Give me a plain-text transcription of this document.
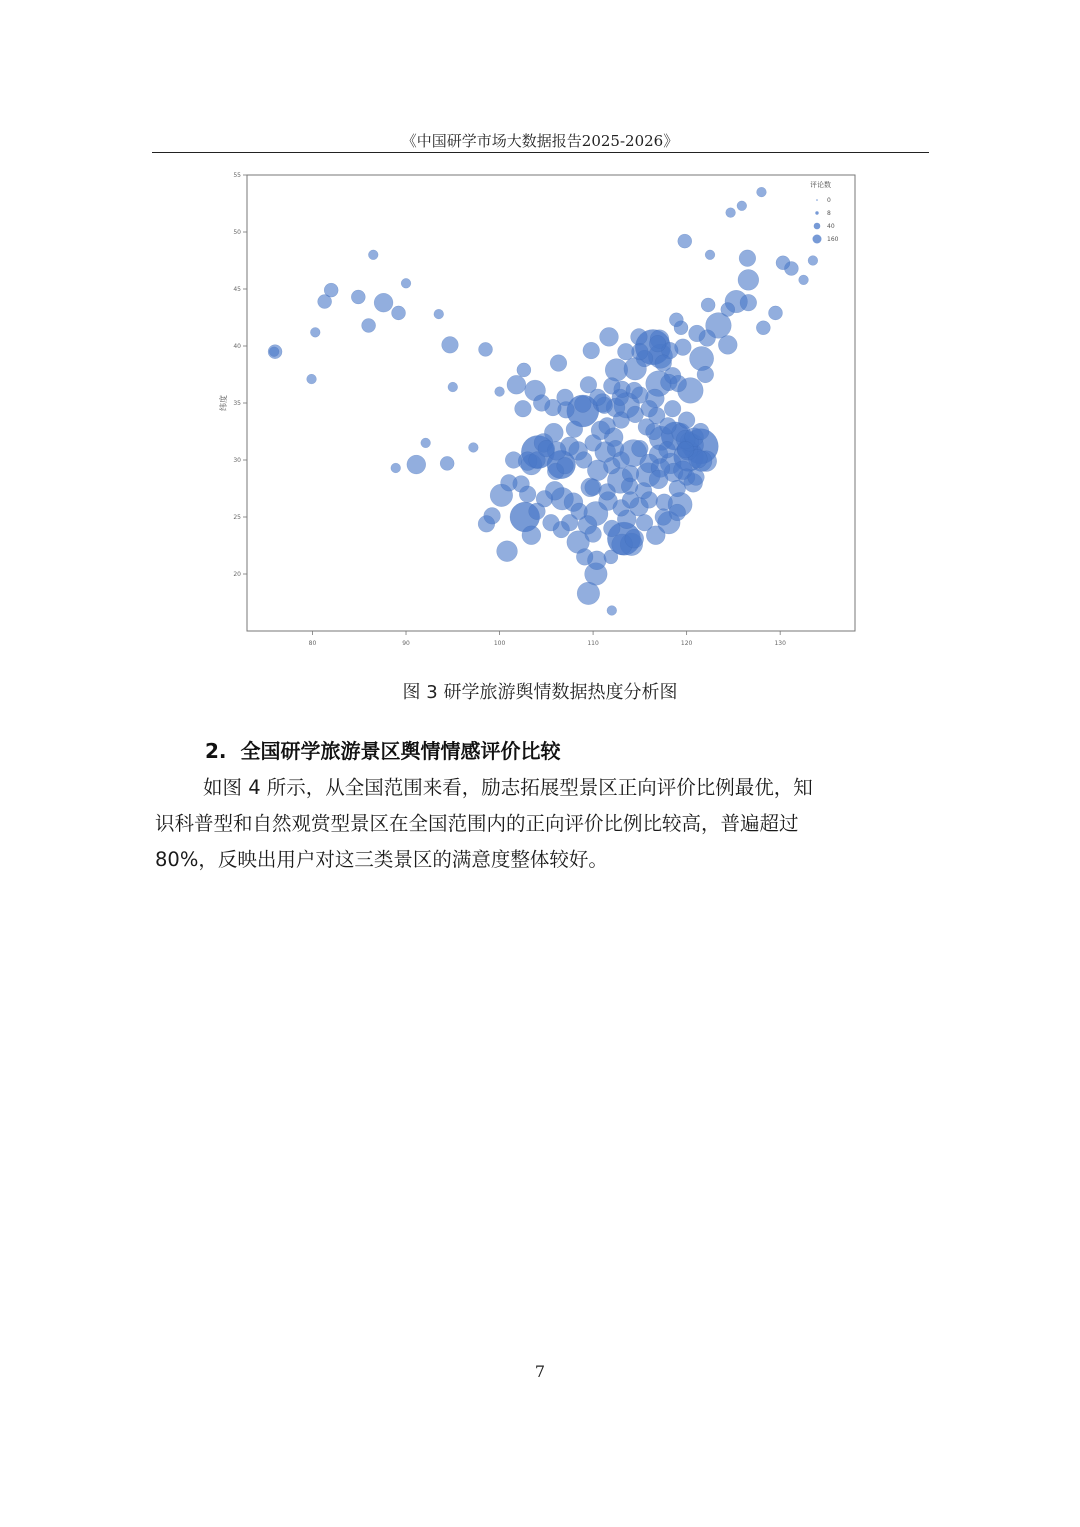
《中国研学市场大数据报告2025-2026》
80	90	100	110	120	130
20
25
30
35
40
45
50
55
纬度
评论数
0
8
40
160
图 3 研学旅游舆情数据热度分析图
2. 全国研学旅游景区舆情情感评价比较
如图 4 所示，从全国范围来看，励志拓展型景区正向评价比例最优，知
识科普型和自然观赏型景区在全国范围内的正向评价比例比较高，普遍超过
80%，反映出用户对这三类景区的满意度整体较好。
7
